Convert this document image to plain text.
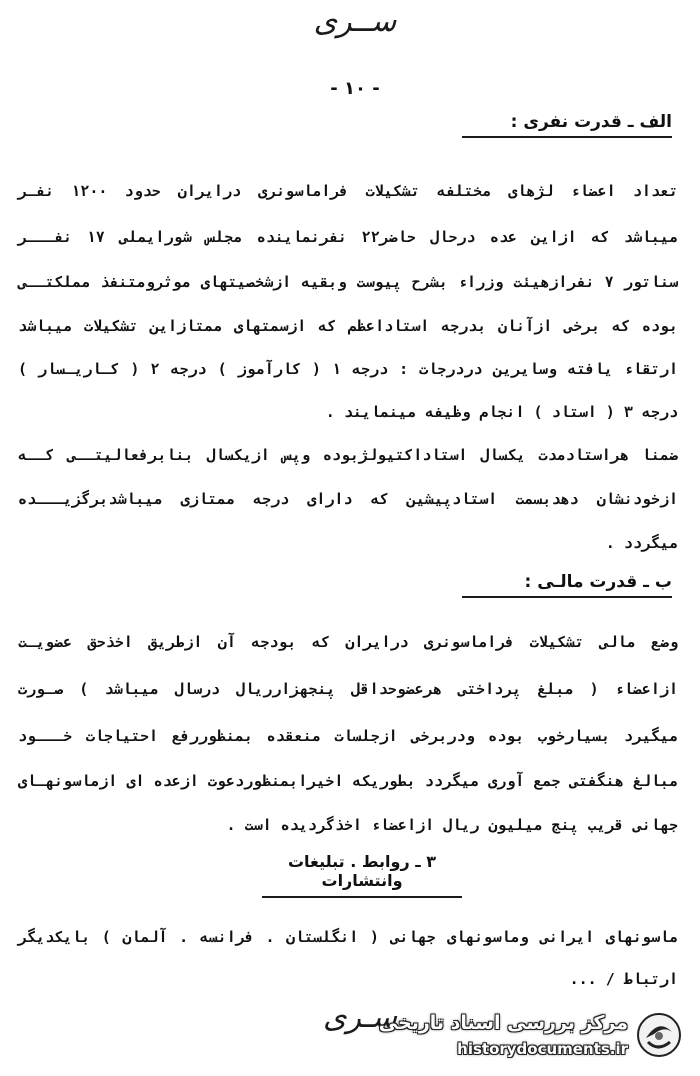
ســرى
- ۱۰ -
الف ـ قدرت نفرى :
تعداد اعضاء لژهای مختلفه تشکیلات فراماسونری درایران حدود ۱۲۰۰ نفـر
میباشد که ازاین عده درحال حاضر۲۲ نفرنماینده مجلس شورایملی ۱۷ نفـــر
سناتور ۷ نفرازهیئت وزراء بشرح پیوست وبقیه ازشخصیتهای موثرومتنفذ مملکتــی
بوده که برخی ازآنان بدرجه استاداعظم که ازسمتهای ممتازاین تشکیلات میباشد
ارتقاء یافته وسایرین دردرجات : درجه ۱ ( کارآموز ) درجه ۲ ( کـاریـسار )
درجه ۳ ( استاد ) انجام وظیفه مینمایند .
ضمنا هراستادمدت یکسال استاداکتیولژبوده وپس ازیکسال بنابرفعالیتــی کــه
ازخودنشان دهدبسمت استادپیشین که دارای درجه ممتازی میباشدبرگزیـــده
میگردد .
ب ـ قدرت مالـی :
وضع مالی تشکیلات فراماسونری درایران که بودجه آن ازطریق اخذحق عضویـت
ازاعضاء ( مبلغ پرداختی هرعضوحداقل پنجهزارریال درسال میباشد ) صـورت
میگیرد بسیارخوب بوده ودربرخی ازجلسات منعقده بمنظوررفع احتیاجات خـــود
مبالغ هنگفتی جمع آوری میگردد بطوریکه اخیرابمنظوردعوت ازعده ای ازماسونهـای
جهانی قریب پنج میلیون ریال ازاعضاء اخذگردیده است .
۳ ـ روابط . تبلیغات وانتشارات
ماسونهای ایرانی وماسونهای جهانی ( انگلستان . فرانسه . آلمان ) بایکدیگر
ارتباط / ...
سـرى
مرکز بررسی اسناد تاریخی
historydocuments.ir
